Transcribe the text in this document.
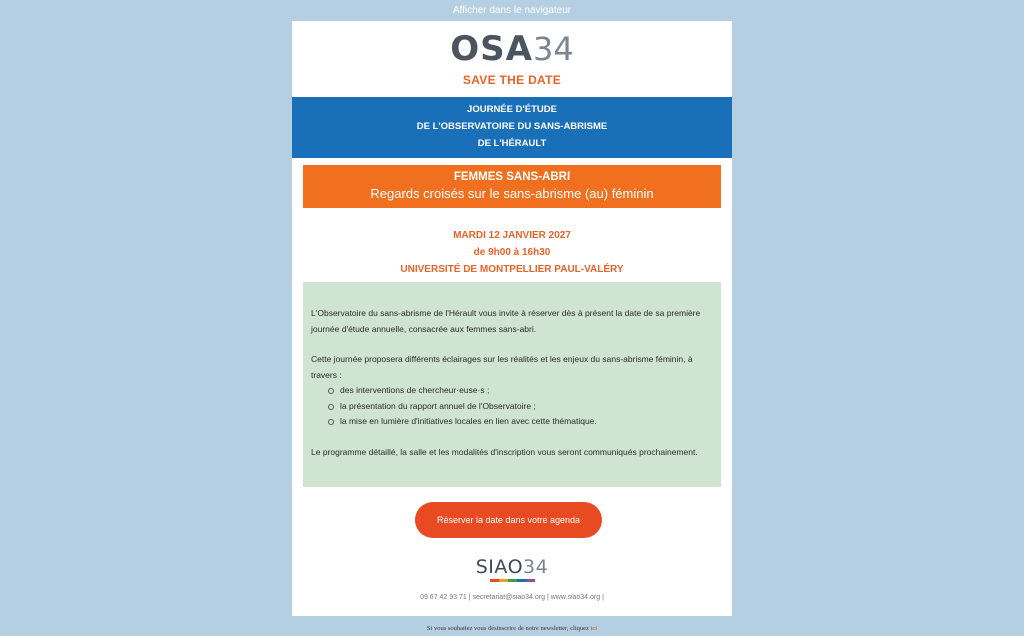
Afficher dans le navigateur
OSA34
SAVE THE DATE
JOURNÉE D'ÉTUDE
DE L'OBSERVATOIRE DU SANS-ABRISME
DE L'HÉRAULT
FEMMES SANS-ABRI
Regards croisés sur le sans-abrisme (au) féminin
MARDI 12 JANVIER 2027
de 9h00 à 16h30
UNIVERSITÉ DE MONTPELLIER PAUL-VALÉRY

L'Observatoire du sans-abrisme de l'Hérault vous invite à réserver dès à présent la date de sa première journée d'étude annuelle, consacrée aux femmes sans-abri.

Cette journée proposera différents éclairages sur les réalités et les enjeux du sans-abrisme féminin, à travers :

des interventions de chercheur·euse·s ;
la présentation du rapport annuel de l'Observatoire ;
la mise en lumière d'initiatives locales en lien avec cette thématique.

Le programme détaillé, la salle et les modalités d'inscription vous seront communiqués prochainement.

Réserver la date dans votre agenda
SIAO34
09 67 42 93 71 | secretariat@siao34.org | www.siao34.org |
Si vous souhaitez vous désinscrire de notre newsletter, cliquez ici
